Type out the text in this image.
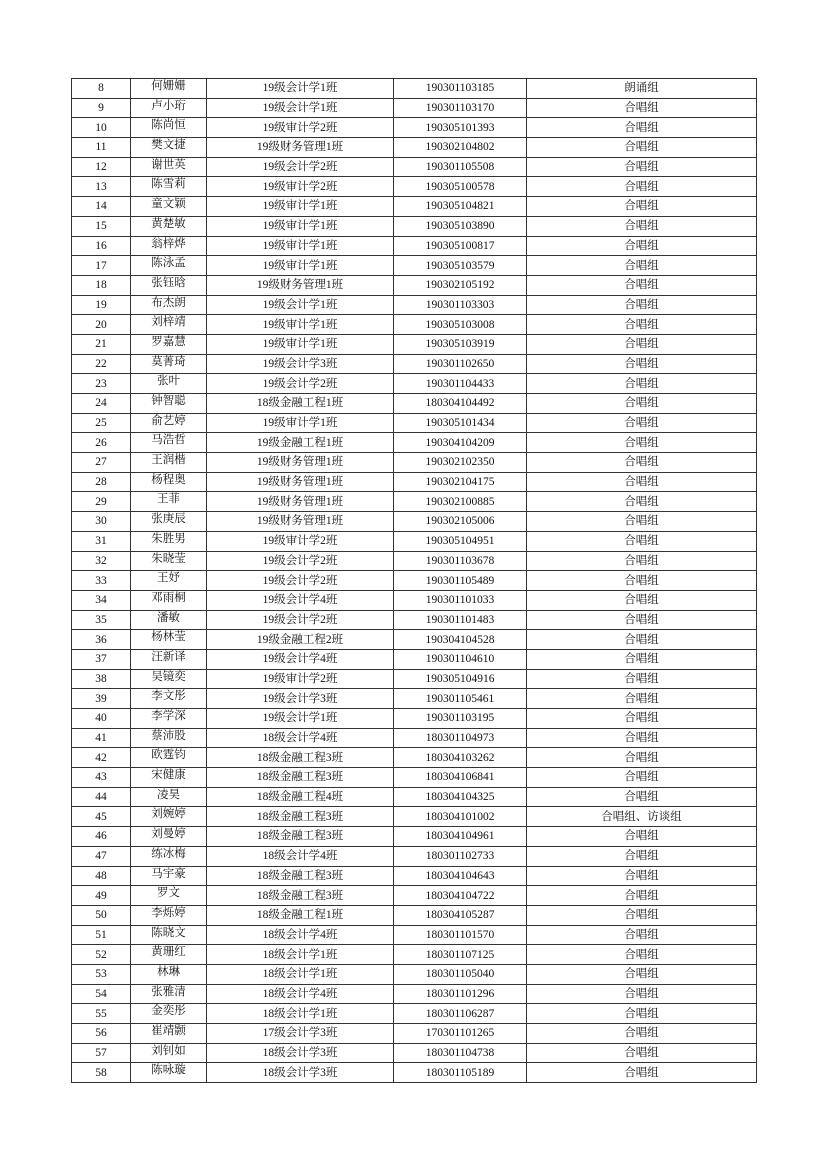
8	何姗姗	19级会计学1班	190301103185	朗诵组
9	卢小珩	19级会计学1班	190301103170	合唱组
10	陈尚恒	19级审计学2班	190305101393	合唱组
11	樊文捷	19级财务管理1班	190302104802	合唱组
12	谢世英	19级会计学2班	190301105508	合唱组
13	陈雪莉	19级审计学2班	190305100578	合唱组
14	童文颖	19级审计学1班	190305104821	合唱组
15	黄楚敏	19级审计学1班	190305103890	合唱组
16	翁梓烨	19级审计学1班	190305100817	合唱组
17	陈泳孟	19级审计学1班	190305103579	合唱组
18	张钰晗	19级财务管理1班	190302105192	合唱组
19	布杰朗	19级会计学1班	190301103303	合唱组
20	刘梓靖	19级审计学1班	190305103008	合唱组
21	罗嘉慧	19级审计学1班	190305103919	合唱组
22	莫菁琦	19级会计学3班	190301102650	合唱组
23	张叶	19级会计学2班	190301104433	合唱组
24	钟智聪	18级金融工程1班	180304104492	合唱组
25	俞艺婷	19级审计学1班	190305101434	合唱组
26	马浩哲	19级金融工程1班	190304104209	合唱组
27	王润楷	19级财务管理1班	190302102350	合唱组
28	杨程奥	19级财务管理1班	190302104175	合唱组
29	王菲	19级财务管理1班	190302100885	合唱组
30	张庚辰	19级财务管理1班	190302105006	合唱组
31	朱胜男	19级审计学2班	190305104951	合唱组
32	朱晓莹	19级会计学2班	190301103678	合唱组
33	王妤	19级会计学2班	190301105489	合唱组
34	邓雨桐	19级会计学4班	190301101033	合唱组
35	潘敏	19级会计学2班	190301101483	合唱组
36	杨林莹	19级金融工程2班	190304104528	合唱组
37	汪新译	19级会计学4班	190301104610	合唱组
38	吴镜奕	19级审计学2班	190305104916	合唱组
39	李文彤	19级会计学3班	190301105461	合唱组
40	李学深	19级会计学1班	190301103195	合唱组
41	蔡沛股	18级会计学4班	180301104973	合唱组
42	欧霆钧	18级金融工程3班	180304103262	合唱组
43	宋健康	18级金融工程3班	180304106841	合唱组
44	凌昊	18级金融工程4班	180304104325	合唱组
45	刘婉婷	18级金融工程3班	180304101002	合唱组、访谈组
46	刘曼婷	18级金融工程3班	180304104961	合唱组
47	练冰梅	18级会计学4班	180301102733	合唱组
48	马宇豪	18级金融工程3班	180304104643	合唱组
49	罗文	18级金融工程3班	180304104722	合唱组
50	李烁婷	18级金融工程1班	180304105287	合唱组
51	陈晓文	18级会计学4班	180301101570	合唱组
52	黄珊红	18级会计学1班	180301107125	合唱组
53	林琳	18级会计学1班	180301105040	合唱组
54	张雅清	18级会计学4班	180301101296	合唱组
55	金奕彤	18级会计学1班	180301106287	合唱组
56	崔靖颢	17级会计学3班	170301101265	合唱组
57	刘钊如	18级会计学3班	180301104738	合唱组
58	陈咏璇	18级会计学3班	180301105189	合唱组
